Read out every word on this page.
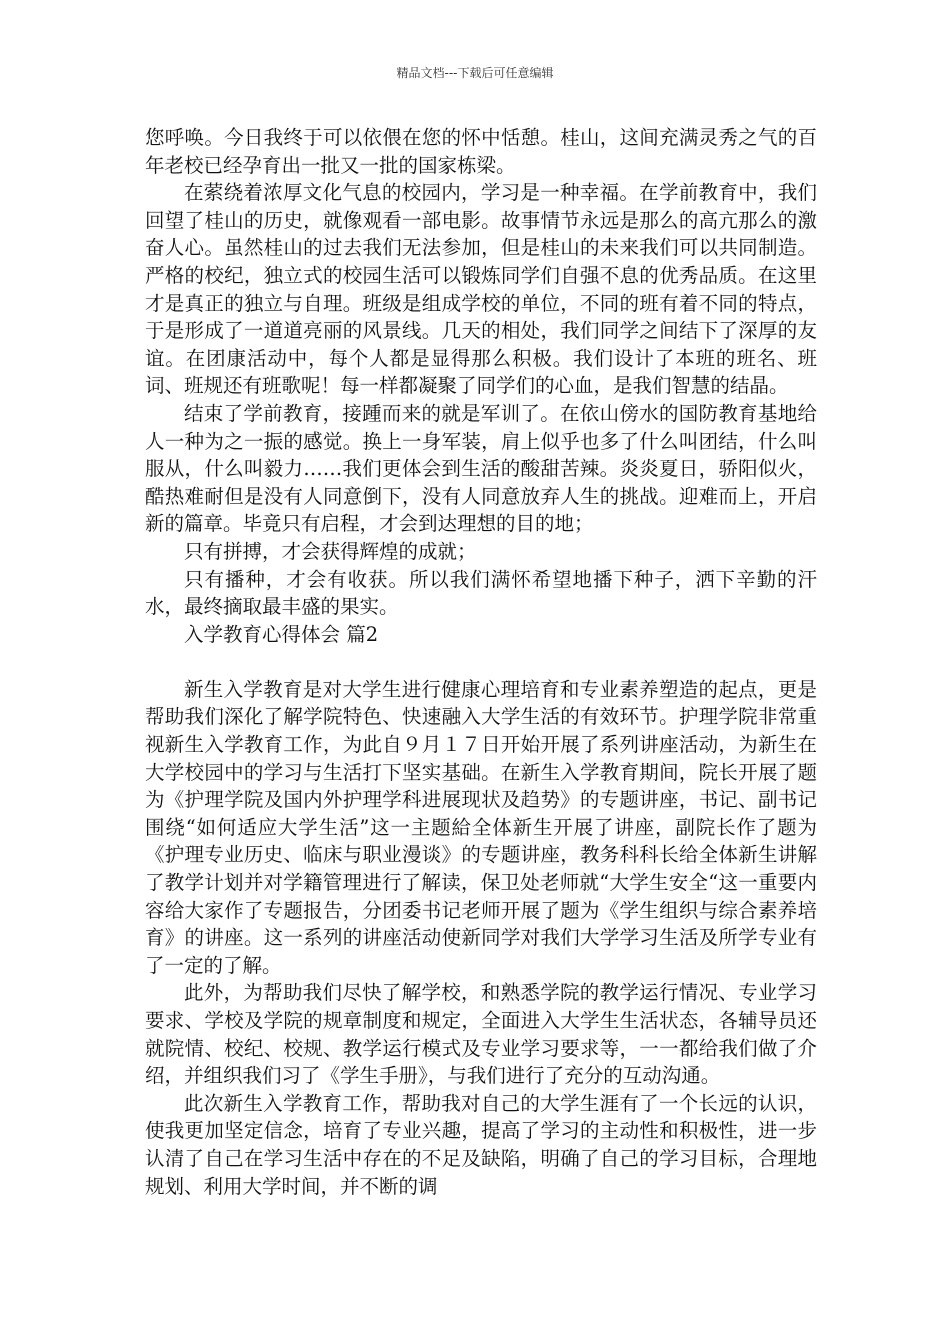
精品文档---下载后可任意编辑

您呼唤。今日我终于可以依偎在您的怀中恬憩。桂山，这间充满灵秀之气的百年老校已经孕育出一批又一批的国家栋梁。

在萦绕着浓厚文化气息的校园内，学习是一种幸福。在学前教育中，我们回望了桂山的历史，就像观看一部电影。故事情节永远是那么的高亢那么的激奋人心。虽然桂山的过去我们无法参加，但是桂山的未来我们可以共同制造。严格的校纪，独立式的校园生活可以锻炼同学们自强不息的优秀品质。在这里才是真正的独立与自理。班级是组成学校的单位，不同的班有着不同的特点，于是形成了一道道亮丽的风景线。几天的相处，我们同学之间结下了深厚的友谊。在团康活动中，每个人都是显得那么积极。我们设计了本班的班名、班词、班规还有班歌呢！每一样都凝聚了同学们的心血，是我们智慧的结晶。

结束了学前教育，接踵而来的就是军训了。在依山傍水的国防教育基地给人一种为之一振的感觉。换上一身军装，肩上似乎也多了什么叫团结，什么叫服从，什么叫毅力……我们更体会到生活的酸甜苦辣。炎炎夏日，骄阳似火，酷热难耐但是没有人同意倒下，没有人同意放弃人生的挑战。迎难而上，开启新的篇章。毕竟只有启程，才会到达理想的目的地；

只有拼搏，才会获得辉煌的成就；

只有播种，才会有收获。所以我们满怀希望地播下种子，洒下辛勤的汗水，最终摘取最丰盛的果实。

入学教育心得体会 篇2

新生入学教育是对大学生进行健康心理培育和专业素养塑造的起点，更是帮助我们深化了解学院特色、快速融入大学生活的有效环节。护理学院非常重视新生入学教育工作，为此自９月１７日开始开展了系列讲座活动，为新生在大学校园中的学习与生活打下坚实基础。在新生入学教育期间，院长开展了题为《护理学院及国内外护理学科进展现状及趋势》的专题讲座，书记、副书记围绕“如何适应大学生活”这一主题給全体新生开展了讲座，副院长作了题为《护理专业历史、临床与职业漫谈》的专题讲座，教务科科长给全体新生讲解了教学计划并对学籍管理进行了解读，保卫处老师就“大学生安全“这一重要内容给大家作了专题报告，分团委书记老师开展了题为《学生组织与综合素养培育》的讲座。这一系列的讲座活动使新同学对我们大学学习生活及所学专业有了一定的了解。

此外，为帮助我们尽快了解学校，和熟悉学院的教学运行情况、专业学习要求、学校及学院的规章制度和规定，全面进入大学生生活状态，各辅导员还就院情、校纪、校规、教学运行模式及专业学习要求等，一一都给我们做了介绍，并组织我们习了《学生手册》，与我们进行了充分的互动沟通。

此次新生入学教育工作，帮助我对自己的大学生涯有了一个长远的认识，使我更加坚定信念，培育了专业兴趣，提高了学习的主动性和积极性，进一步认清了自己在学习生活中存在的不足及缺陷，明确了自己的学习目标，合理地规划、利用大学时间，并不断的调
